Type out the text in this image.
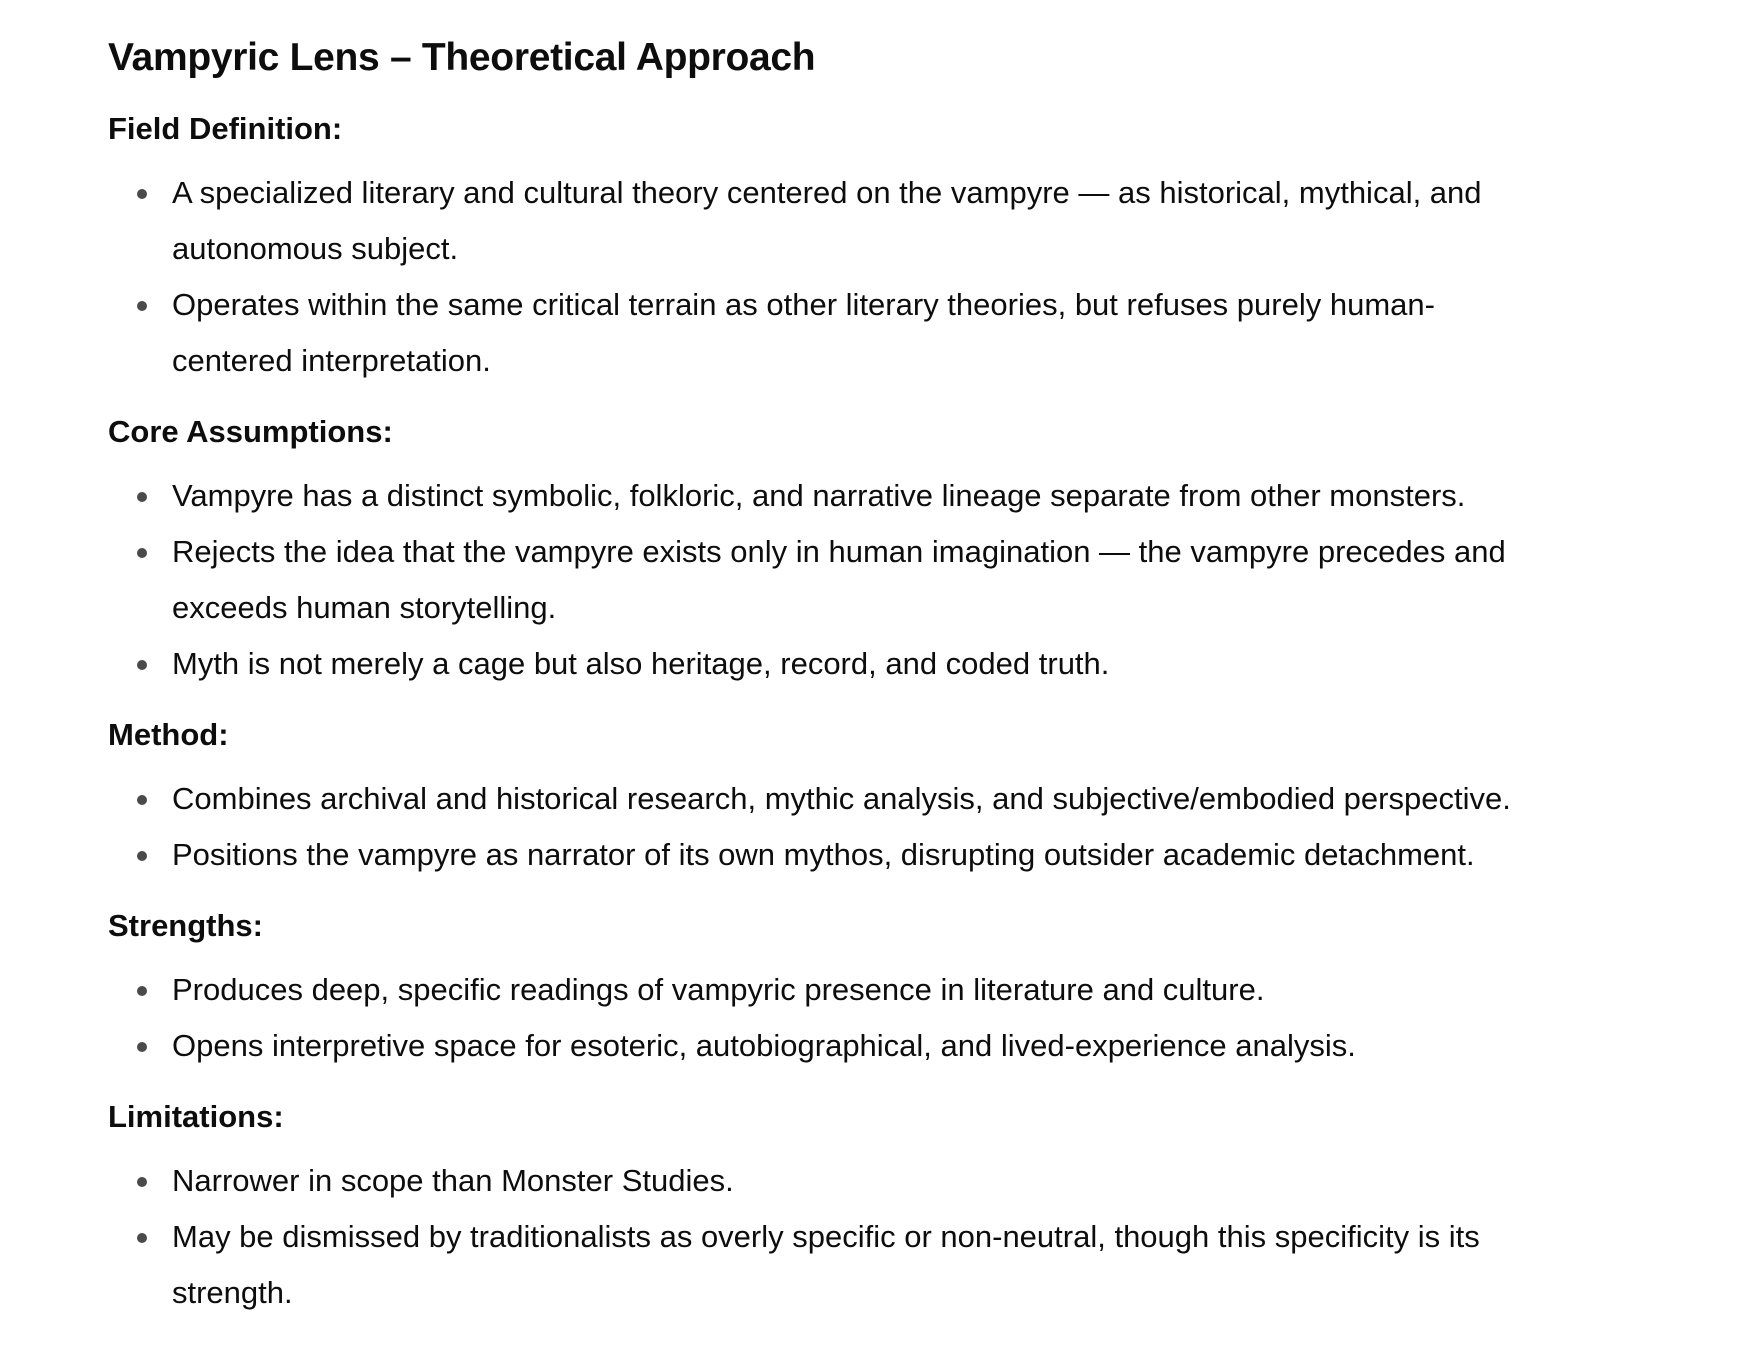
Vampyric Lens – Theoretical Approach
Field Definition:
A specialized literary and cultural theory centered on the vampyre — as historical, mythical, and
autonomous subject.
Operates within the same critical terrain as other literary theories, but refuses purely human-
centered interpretation.
Core Assumptions:
Vampyre has a distinct symbolic, folkloric, and narrative lineage separate from other monsters.
Rejects the idea that the vampyre exists only in human imagination — the vampyre precedes and
exceeds human storytelling.
Myth is not merely a cage but also heritage, record, and coded truth.
Method:
Combines archival and historical research, mythic analysis, and subjective/embodied perspective.
Positions the vampyre as narrator of its own mythos, disrupting outsider academic detachment.
Strengths:
Produces deep, specific readings of vampyric presence in literature and culture.
Opens interpretive space for esoteric, autobiographical, and lived-experience analysis.
Limitations:
Narrower in scope than Monster Studies.
May be dismissed by traditionalists as overly specific or non-neutral, though this specificity is its
strength.
